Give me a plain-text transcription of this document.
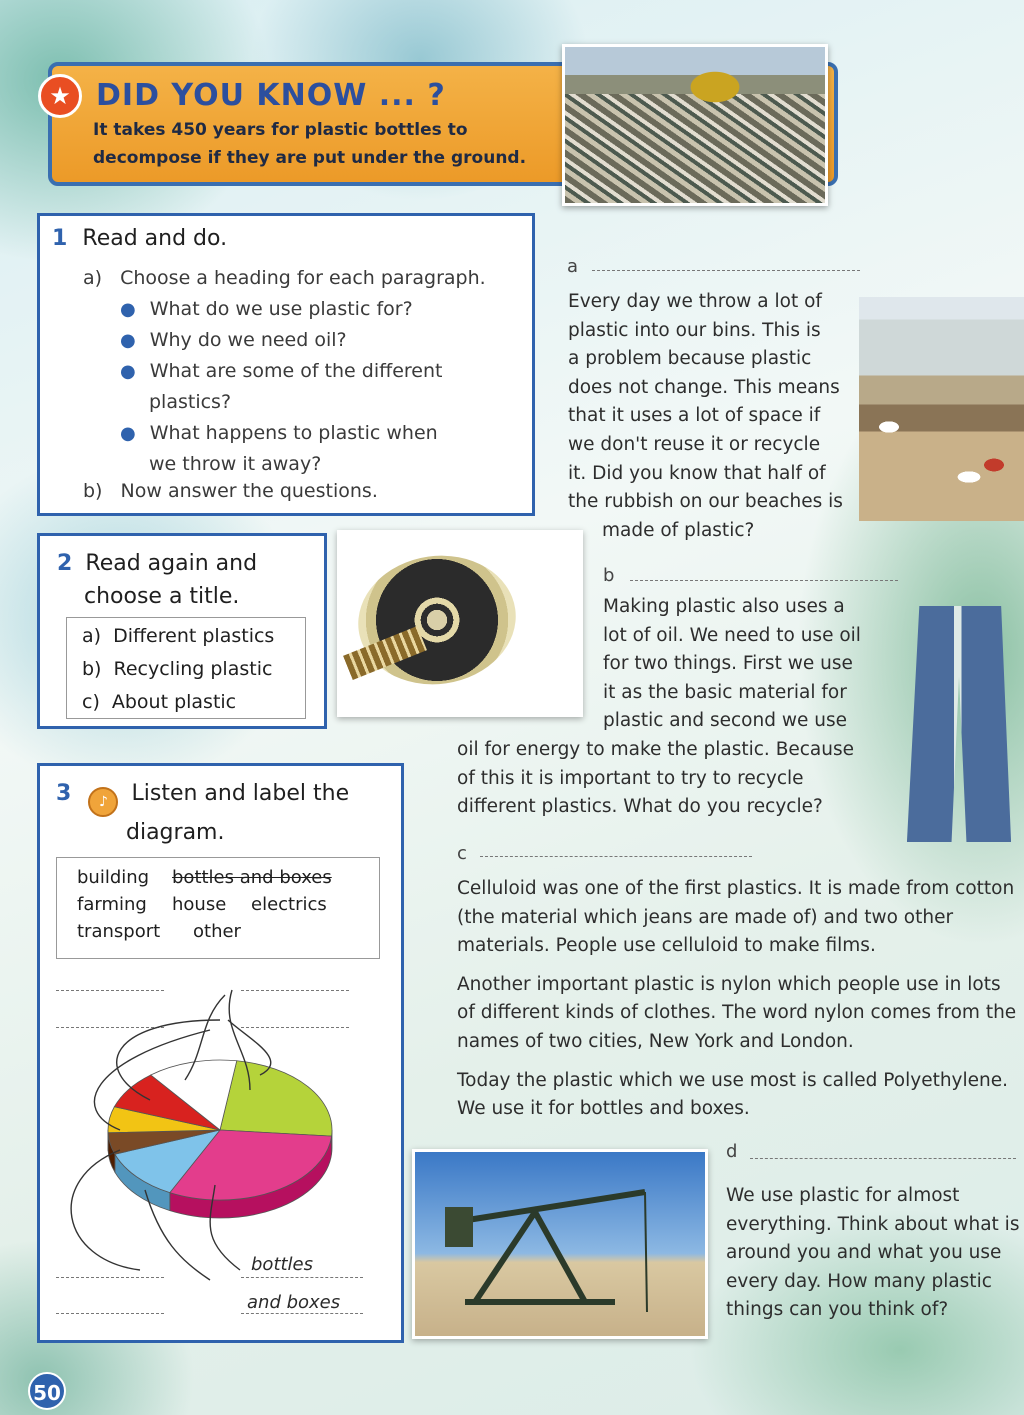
★ DID YOU KNOW ... ?
It takes 450 years for plastic bottles to
decompose if they are put under the ground.
1 Read and do.
a) Choose a heading for each paragraph.
● What do we use plastic for?
● Why do we need oil?
● What are some of the different
plastics?
● What happens to plastic when
we throw it away?
b) Now answer the questions.
2 Read again and
choose a title.
a) Different plastics
b) Recycling plastic
c) About plastic
3 ♪ Listen and label the
diagram.
building bottles and boxes
farming house electrics
transport other
bottles
and boxes
a
Every day we throw a lot of
plastic into our bins. This is
a problem because plastic
does not change. This means
that it uses a lot of space if
we don't reuse it or recycle
it. Did you know that half of
the rubbish on our beaches is
made of plastic?
b
Making plastic also uses a
lot of oil. We need to use oil
for two things. First we use
it as the basic material for
plastic and second we use
oil for energy to make the plastic. Because
of this it is important to try to recycle
different plastics. What do you recycle?
c
Celluloid was one of the first plastics. It is made from cotton
(the material which jeans are made of) and two other
materials. People use celluloid to make films.
Another important plastic is nylon which people use in lots
of different kinds of clothes. The word nylon comes from the
names of two cities, New York and London.
Today the plastic which we use most is called Polyethylene.
We use it for bottles and boxes.
d
We use plastic for almost
everything. Think about what is
around you and what you use
every day. How many plastic
things can you think of?
50
